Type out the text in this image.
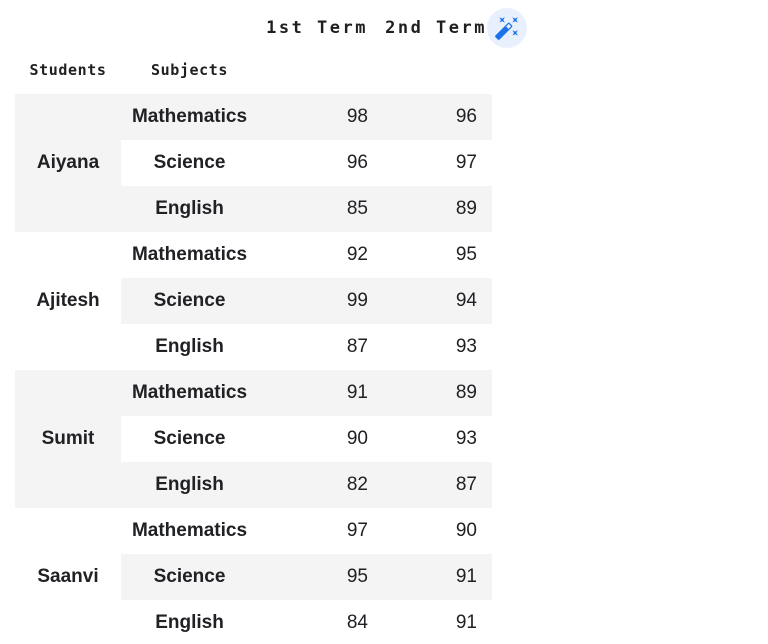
		1st Term	2nd Term
Students	Subjects		
Aiyana	Mathematics	98	96
	Science	96	97
	English	85	89
Ajitesh	Mathematics	92	95
	Science	99	94
	English	87	93
Sumit	Mathematics	91	89
	Science	90	93
	English	82	87
Saanvi	Mathematics	97	90
	Science	95	91
	English	84	91
